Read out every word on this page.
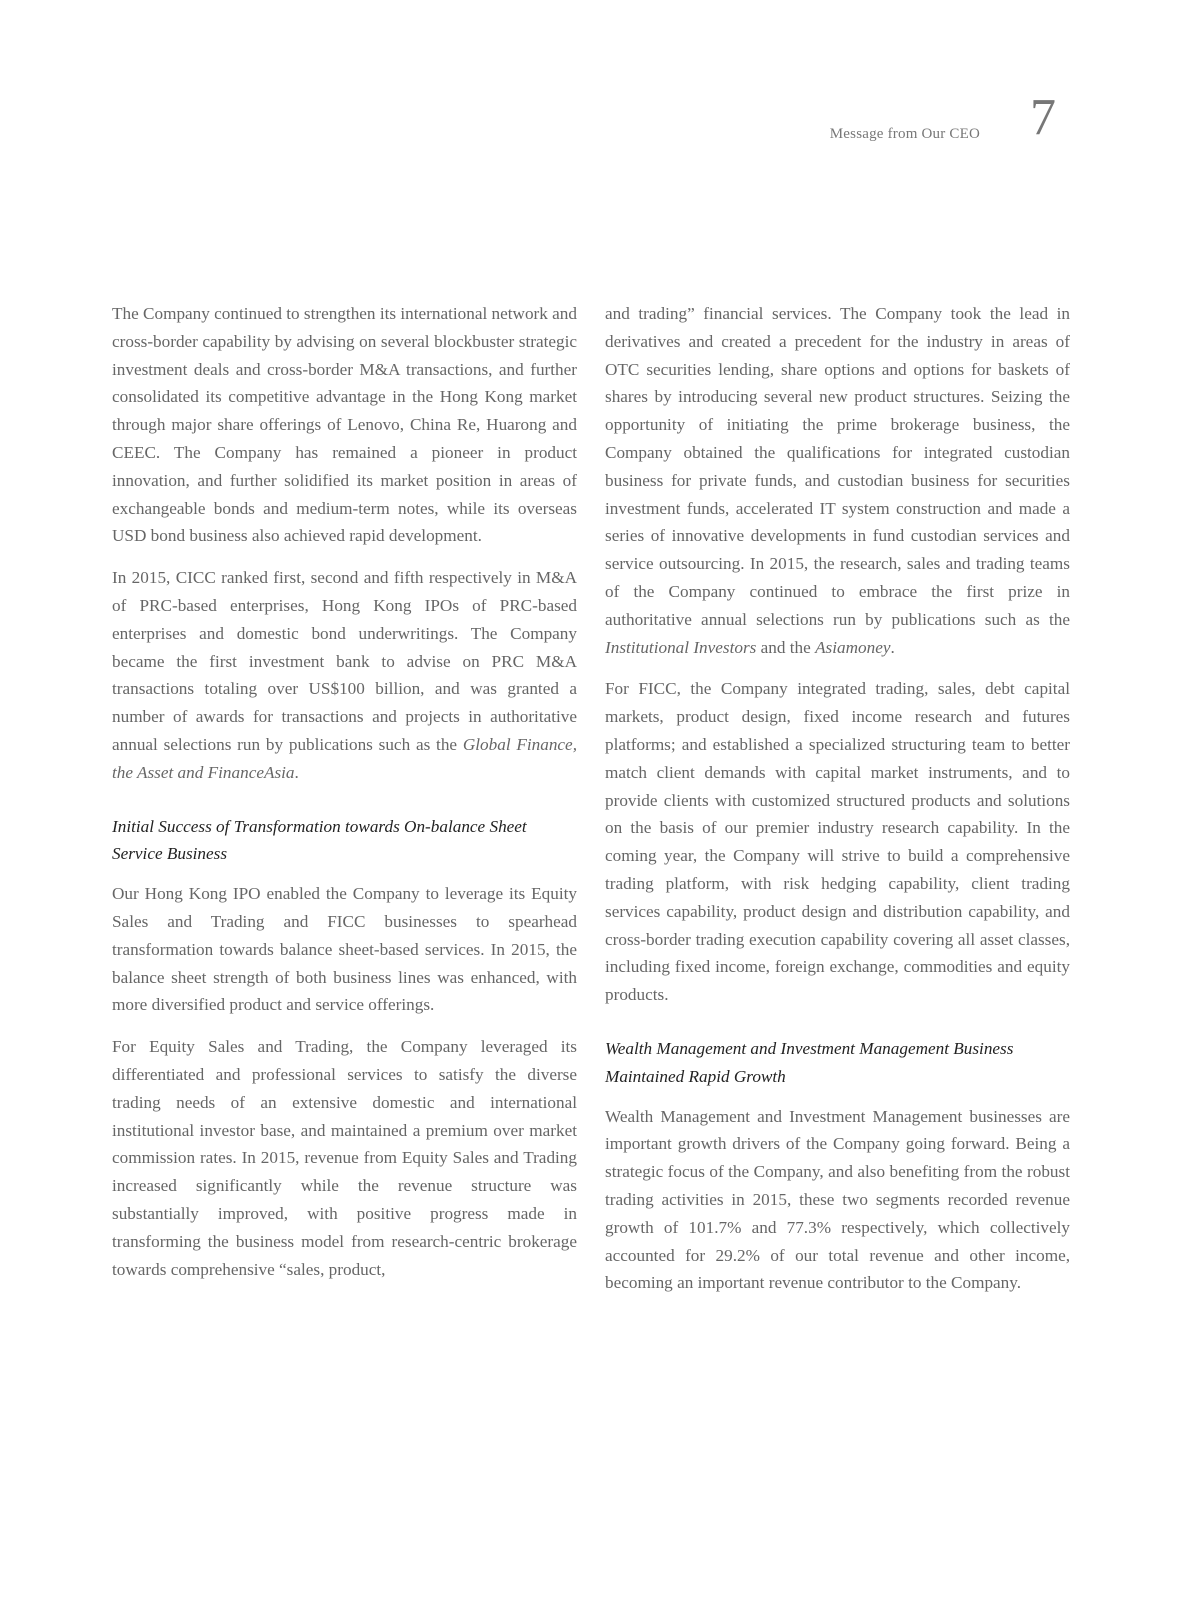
Message from Our CEO 7

The Company continued to strengthen its international network and cross-border capability by advising on several blockbuster strategic investment deals and cross-border M&A transactions, and further consolidated its competitive advantage in the Hong Kong market through major share offerings of Lenovo, China Re, Huarong and CEEC. The Company has remained a pioneer in product innovation, and further solidified its market position in areas of exchangeable bonds and medium-term notes, while its overseas USD bond business also achieved rapid development.

In 2015, CICC ranked first, second and fifth respectively in M&A of PRC-based enterprises, Hong Kong IPOs of PRC-based enterprises and domestic bond underwritings. The Company became the first investment bank to advise on PRC M&A transactions totaling over US$100 billion, and was granted a number of awards for transactions and projects in authoritative annual selections run by publications such as the Global Finance, the Asset and FinanceAsia.

Initial Success of Transformation towards On-balance Sheet Service Business

Our Hong Kong IPO enabled the Company to leverage its Equity Sales and Trading and FICC businesses to spearhead transformation towards balance sheet-based services. In 2015, the balance sheet strength of both business lines was enhanced, with more diversified product and service offerings.

For Equity Sales and Trading, the Company leveraged its differentiated and professional services to satisfy the diverse trading needs of an extensive domestic and international institutional investor base, and maintained a premium over market commission rates. In 2015, revenue from Equity Sales and Trading increased significantly while the revenue structure was substantially improved, with positive progress made in transforming the business model from research-centric brokerage towards comprehensive “sales, product,

and trading” financial services. The Company took the lead in derivatives and created a precedent for the industry in areas of OTC securities lending, share options and options for baskets of shares by introducing several new product structures. Seizing the opportunity of initiating the prime brokerage business, the Company obtained the qualifications for integrated custodian business for private funds, and custodian business for securities investment funds, accelerated IT system construction and made a series of innovative developments in fund custodian services and service outsourcing. In 2015, the research, sales and trading teams of the Company continued to embrace the first prize in authoritative annual selections run by publications such as the Institutional Investors and the Asiamoney.

For FICC, the Company integrated trading, sales, debt capital markets, product design, fixed income research and futures platforms; and established a specialized structuring team to better match client demands with capital market instruments, and to provide clients with customized structured products and solutions on the basis of our premier industry research capability. In the coming year, the Company will strive to build a comprehensive trading platform, with risk hedging capability, client trading services capability, product design and distribution capability, and cross-border trading execution capability covering all asset classes, including fixed income, foreign exchange, commodities and equity products.

Wealth Management and Investment Management Business Maintained Rapid Growth

Wealth Management and Investment Management businesses are important growth drivers of the Company going forward. Being a strategic focus of the Company, and also benefiting from the robust trading activities in 2015, these two segments recorded revenue growth of 101.7% and 77.3% respectively, which collectively accounted for 29.2% of our total revenue and other income, becoming an important revenue contributor to the Company.
